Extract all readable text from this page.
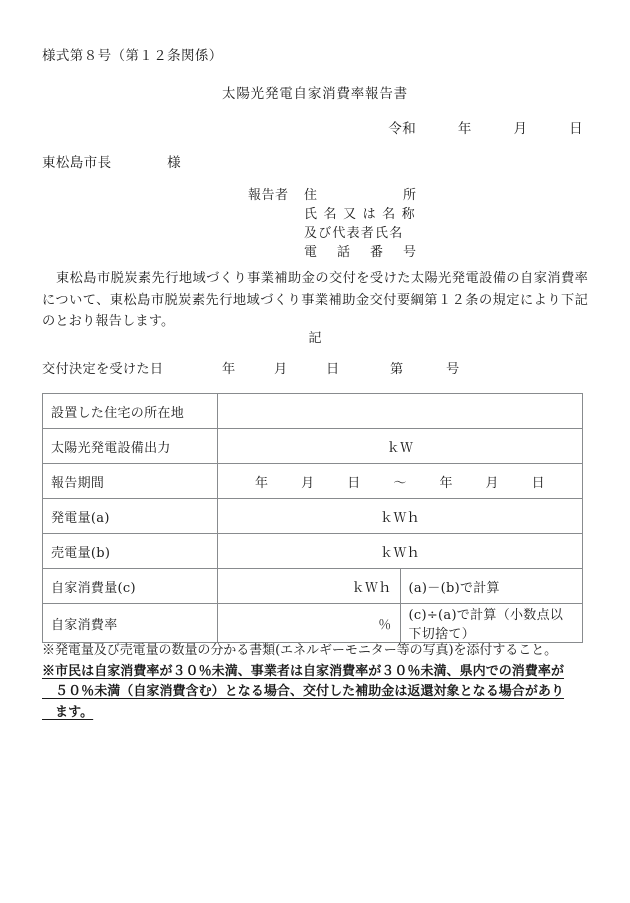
様式第８号（第１２条関係）
太陽光発電自家消費率報告書
令和　　　年　　　月　　　日
東松島市長　　　　様
報告者	住	所
氏 名 又 は 名 称
及び代表者氏名
電 話 番 号
東松島市脱炭素先行地域づくり事業補助金の交付を受けた太陽光発電設備の自家消費率について、東松島市脱炭素先行地域づくり事業補助金交付要綱第１２条の規定により下記のとおり報告します。
記
交付決定を受けた日	年	月	日	第	号
設置した住宅の所在地		
太陽光発電設備出力	ｋＷ	
報告期間	年	月	日	〜	年	月	日

発電量(a)	ｋＷｈ	
売電量(b)	ｋＷｈ	
自家消費量(c)	ｋＷｈ	(a)－(b)で計算
自家消費率	％	(c)÷(a)で計算（小数点以下切捨て）
※発電量及び売電量の数量の分かる書類(エネルギーモニター等の写真)を添付すること。
※市民は自家消費率が３０％未満、事業者は自家消費率が３０％未満、県内での消費率が
　５０％未満（自家消費含む）となる場合、交付した補助金は返還対象となる場合があり
　ます。
